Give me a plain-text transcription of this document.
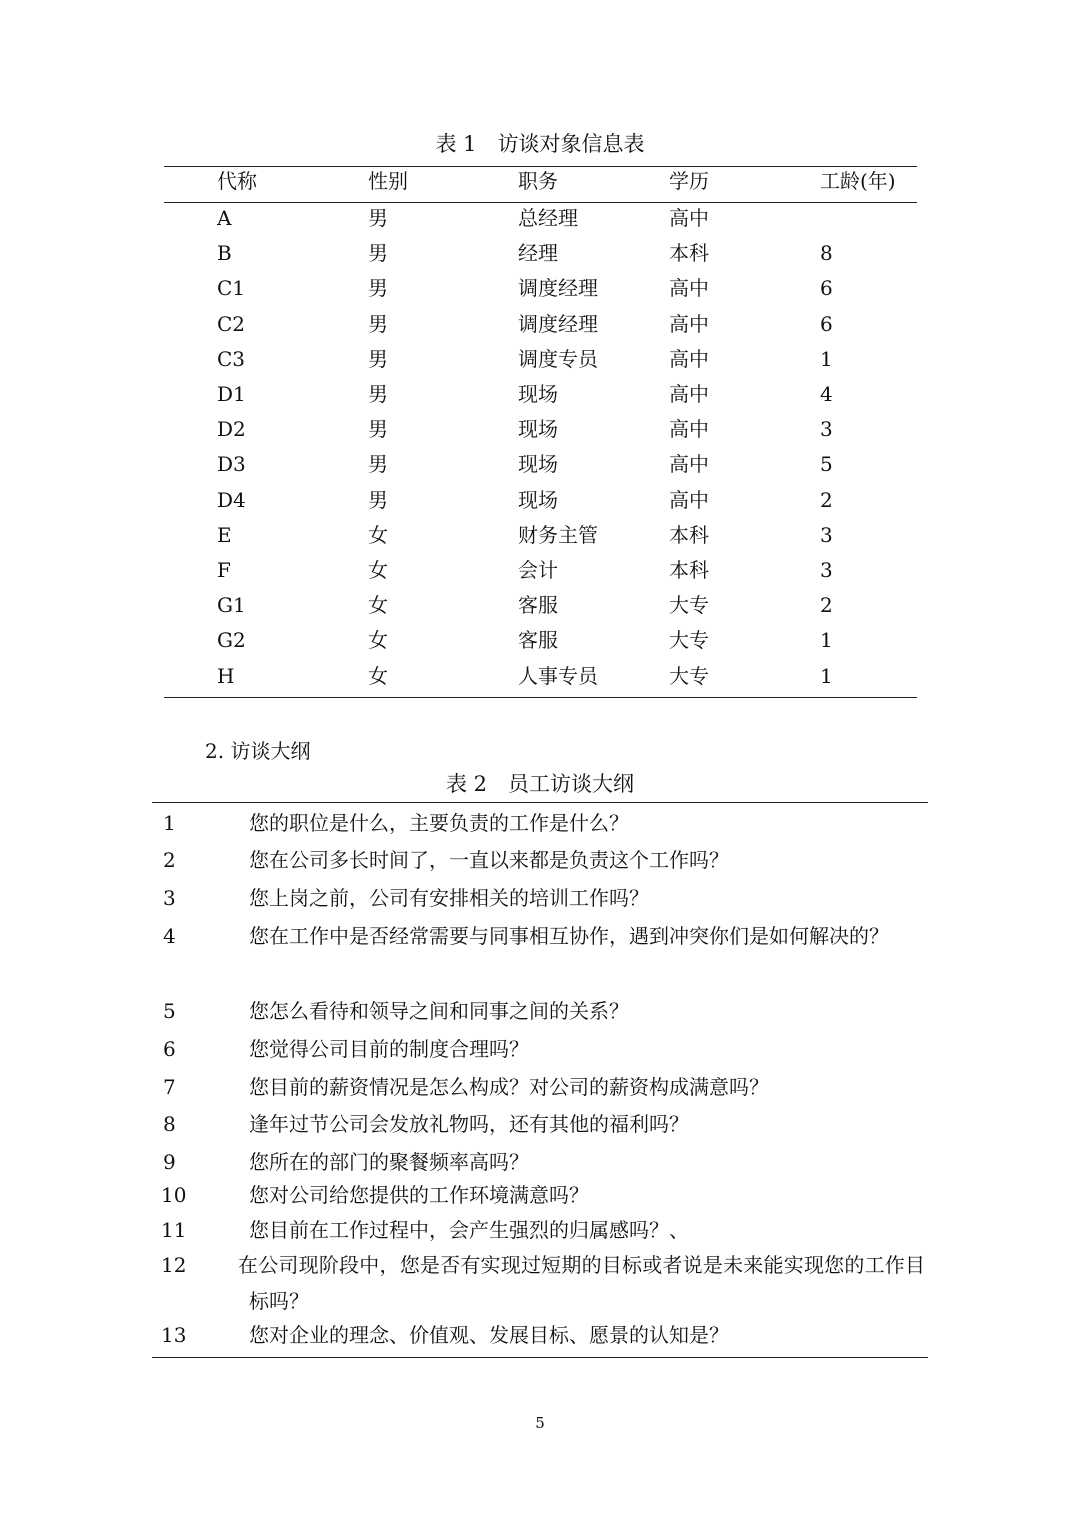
表 1　访谈对象信息表
代称	性别	职务	学历	工龄(年)
A	男	总经理	高中
B	男	经理	本科	8
C1	男	调度经理	高中	6
C2	男	调度经理	高中	6
C3	男	调度专员	高中	1
D1	男	现场	高中	4
D2	男	现场	高中	3
D3	男	现场	高中	5
D4	男	现场	高中	2
E	女	财务主管	本科	3
F	女	会计	本科	3
G1	女	客服	大专	2
G2	女	客服	大专	1
H	女	人事专员	大专	1
2. 访谈大纲
表 2　员工访谈大纲
1	您的职位是什么，主要负责的工作是什么？
2	您在公司多长时间了，一直以来都是负责这个工作吗？
3	您上岗之前，公司有安排相关的培训工作吗？
4	您在工作中是否经常需要与同事相互协作，遇到冲突你们是如何解决的？
5	您怎么看待和领导之间和同事之间的关系？
6	您觉得公司目前的制度合理吗？
7	您目前的薪资情况是怎么构成？对公司的薪资构成满意吗？
8	逢年过节公司会发放礼物吗，还有其他的福利吗？
9	您所在的部门的聚餐频率高吗？
10	您对公司给您提供的工作环境满意吗？
11	您目前在工作过程中，会产生强烈的归属感吗？、
12	在公司现阶段中，您是否有实现过短期的目标或者说是未来能实现您的工作目标吗？
13	您对企业的理念、价值观、发展目标、愿景的认知是？
5
